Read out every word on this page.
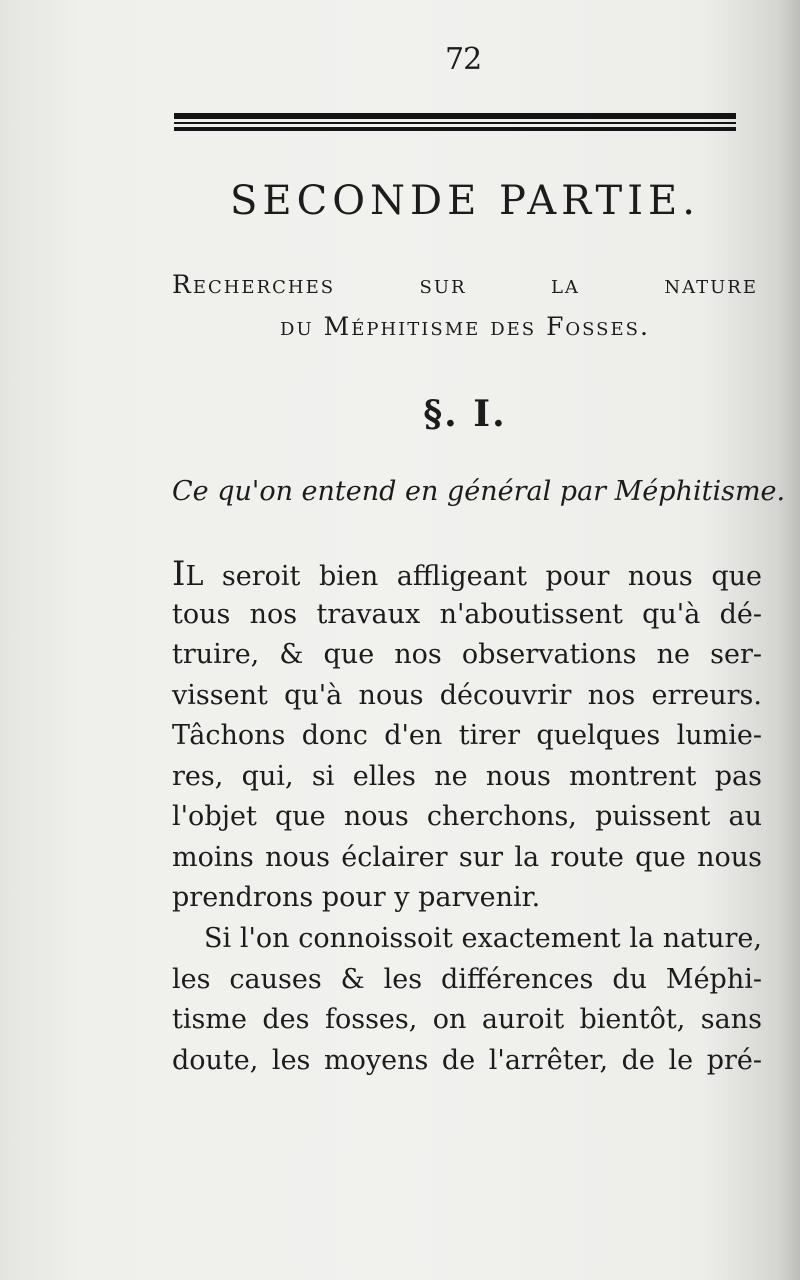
72
SECONDE PARTIE.
Recherches sur la nature
du Méphitisme des Fosses.
§. I.
Ce qu'on entend en général par Méphitisme.
IL seroit bien affligeant pour nous que
tous nos travaux n'aboutissent qu'à dé-
truire, & que nos observations ne ser-
vissent qu'à nous découvrir nos erreurs.
Tâchons donc d'en tirer quelques lumie-
res, qui, si elles ne nous montrent pas
l'objet que nous cherchons, puissent au
moins nous éclairer sur la route que nous
prendrons pour y parvenir.
Si l'on connoissoit exactement la nature,
les causes & les différences du Méphi-
tisme des fosses, on auroit bientôt, sans
doute, les moyens de l'arrêter, de le pré-
